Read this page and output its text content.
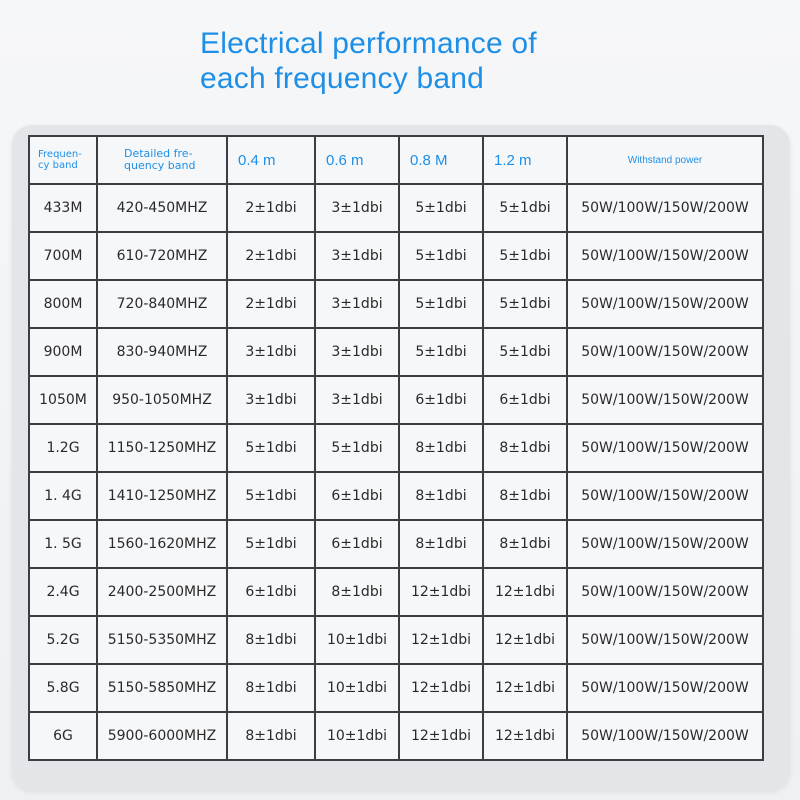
Electrical performance of
each frequency band
Frequen-
cy band	Detailed fre-
quency band	0.4 m	0.6 m	0.8 M	1.2 m	Withstand power
433M	420-450MHZ	2±1dbi	3±1dbi	5±1dbi	5±1dbi	50W/100W/150W/200W
700M	610-720MHZ	2±1dbi	3±1dbi	5±1dbi	5±1dbi	50W/100W/150W/200W
800M	720-840MHZ	2±1dbi	3±1dbi	5±1dbi	5±1dbi	50W/100W/150W/200W
900M	830-940MHZ	3±1dbi	3±1dbi	5±1dbi	5±1dbi	50W/100W/150W/200W
1050M	950-1050MHZ	3±1dbi	3±1dbi	6±1dbi	6±1dbi	50W/100W/150W/200W
1.2G	1150-1250MHZ	5±1dbi	5±1dbi	8±1dbi	8±1dbi	50W/100W/150W/200W
1. 4G	1410-1250MHZ	5±1dbi	6±1dbi	8±1dbi	8±1dbi	50W/100W/150W/200W
1. 5G	1560-1620MHZ	5±1dbi	6±1dbi	8±1dbi	8±1dbi	50W/100W/150W/200W
2.4G	2400-2500MHZ	6±1dbi	8±1dbi	12±1dbi	12±1dbi	50W/100W/150W/200W
5.2G	5150-5350MHZ	8±1dbi	10±1dbi	12±1dbi	12±1dbi	50W/100W/150W/200W
5.8G	5150-5850MHZ	8±1dbi	10±1dbi	12±1dbi	12±1dbi	50W/100W/150W/200W
6G	5900-6000MHZ	8±1dbi	10±1dbi	12±1dbi	12±1dbi	50W/100W/150W/200W
